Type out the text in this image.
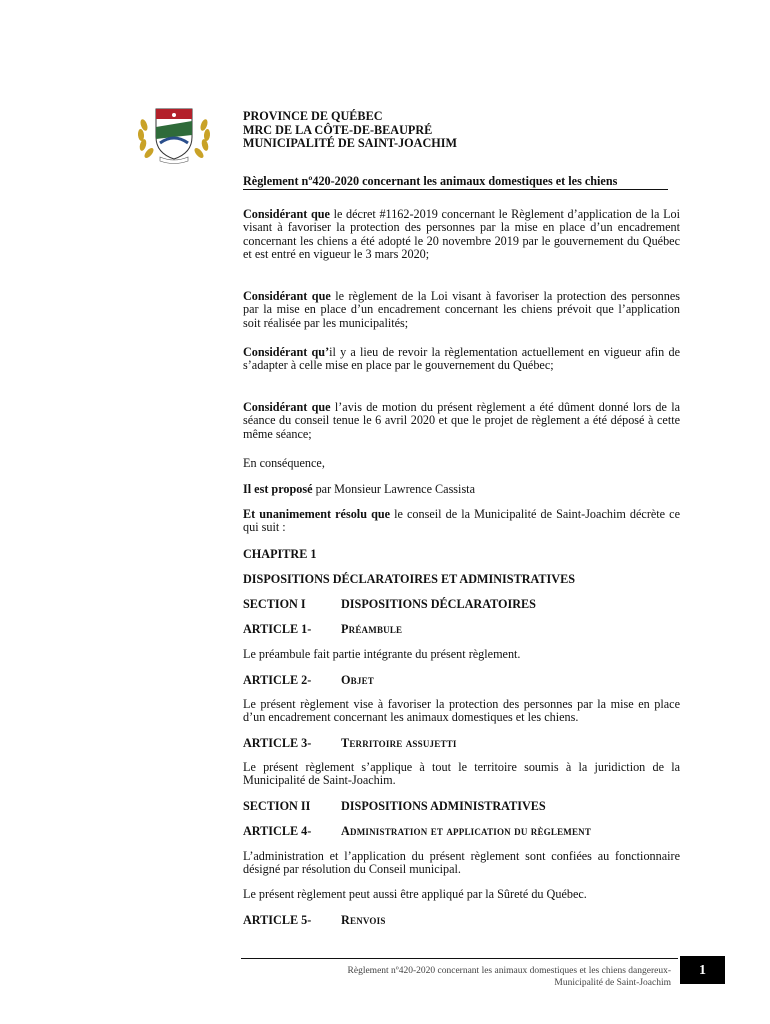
PROVINCE DE QUÉBEC
MRC DE LA CÔTE-DE-BEAUPRÉ
MUNICIPALITÉ DE SAINT-JOACHIM
Règlement nº420-2020 concernant les animaux domestiques et les chiens
Considérant que le décret #1162-2019 concernant le Règlement d’application de la Loi visant à favoriser la protection des personnes par la mise en place d’un encadrement concernant les chiens a été adopté le 20 novembre 2019 par le gouvernement du Québec et est entré en vigueur le 3 mars 2020;
Considérant que le règlement de la Loi visant à favoriser la protection des personnes par la mise en place d’un encadrement concernant les chiens prévoit que l’application soit réalisée par les municipalités;
Considérant qu’il y a lieu de revoir la règlementation actuellement en vigueur afin de s’adapter à celle mise en place par le gouvernement du Québec;
Considérant que l’avis de motion du présent règlement a été dûment donné lors de la séance du conseil tenue le 6 avril 2020 et que le projet de règlement a été déposé à cette même séance;
En conséquence,
Il est proposé par Monsieur Lawrence Cassista
Et unanimement résolu que le conseil de la Municipalité de Saint-Joachim décrète ce qui suit :
CHAPITRE 1
DISPOSITIONS DÉCLARATOIRES ET ADMINISTRATIVES
SECTION I	DISPOSITIONS DÉCLARATOIRES
ARTICLE 1- Préambule
Le préambule fait partie intégrante du présent règlement.
ARTICLE 2- Objet
Le présent règlement vise à favoriser la protection des personnes par la mise en place d’un encadrement concernant les animaux domestiques et les chiens.
ARTICLE 3- Territoire assujetti
Le présent règlement s’applique à tout le territoire soumis à la juridiction de la Municipalité de Saint-Joachim.
SECTION II	DISPOSITIONS ADMINISTRATIVES
ARTICLE 4- Administration et application du règlement
L’administration et l’application du présent règlement sont confiées au fonctionnaire désigné par résolution du Conseil municipal.
Le présent règlement peut aussi être appliqué par la Sûreté du Québec.
ARTICLE 5- Renvois
Règlement nº420-2020 concernant les animaux domestiques et les chiens dangereux-
Municipalité de Saint-Joachim
1
